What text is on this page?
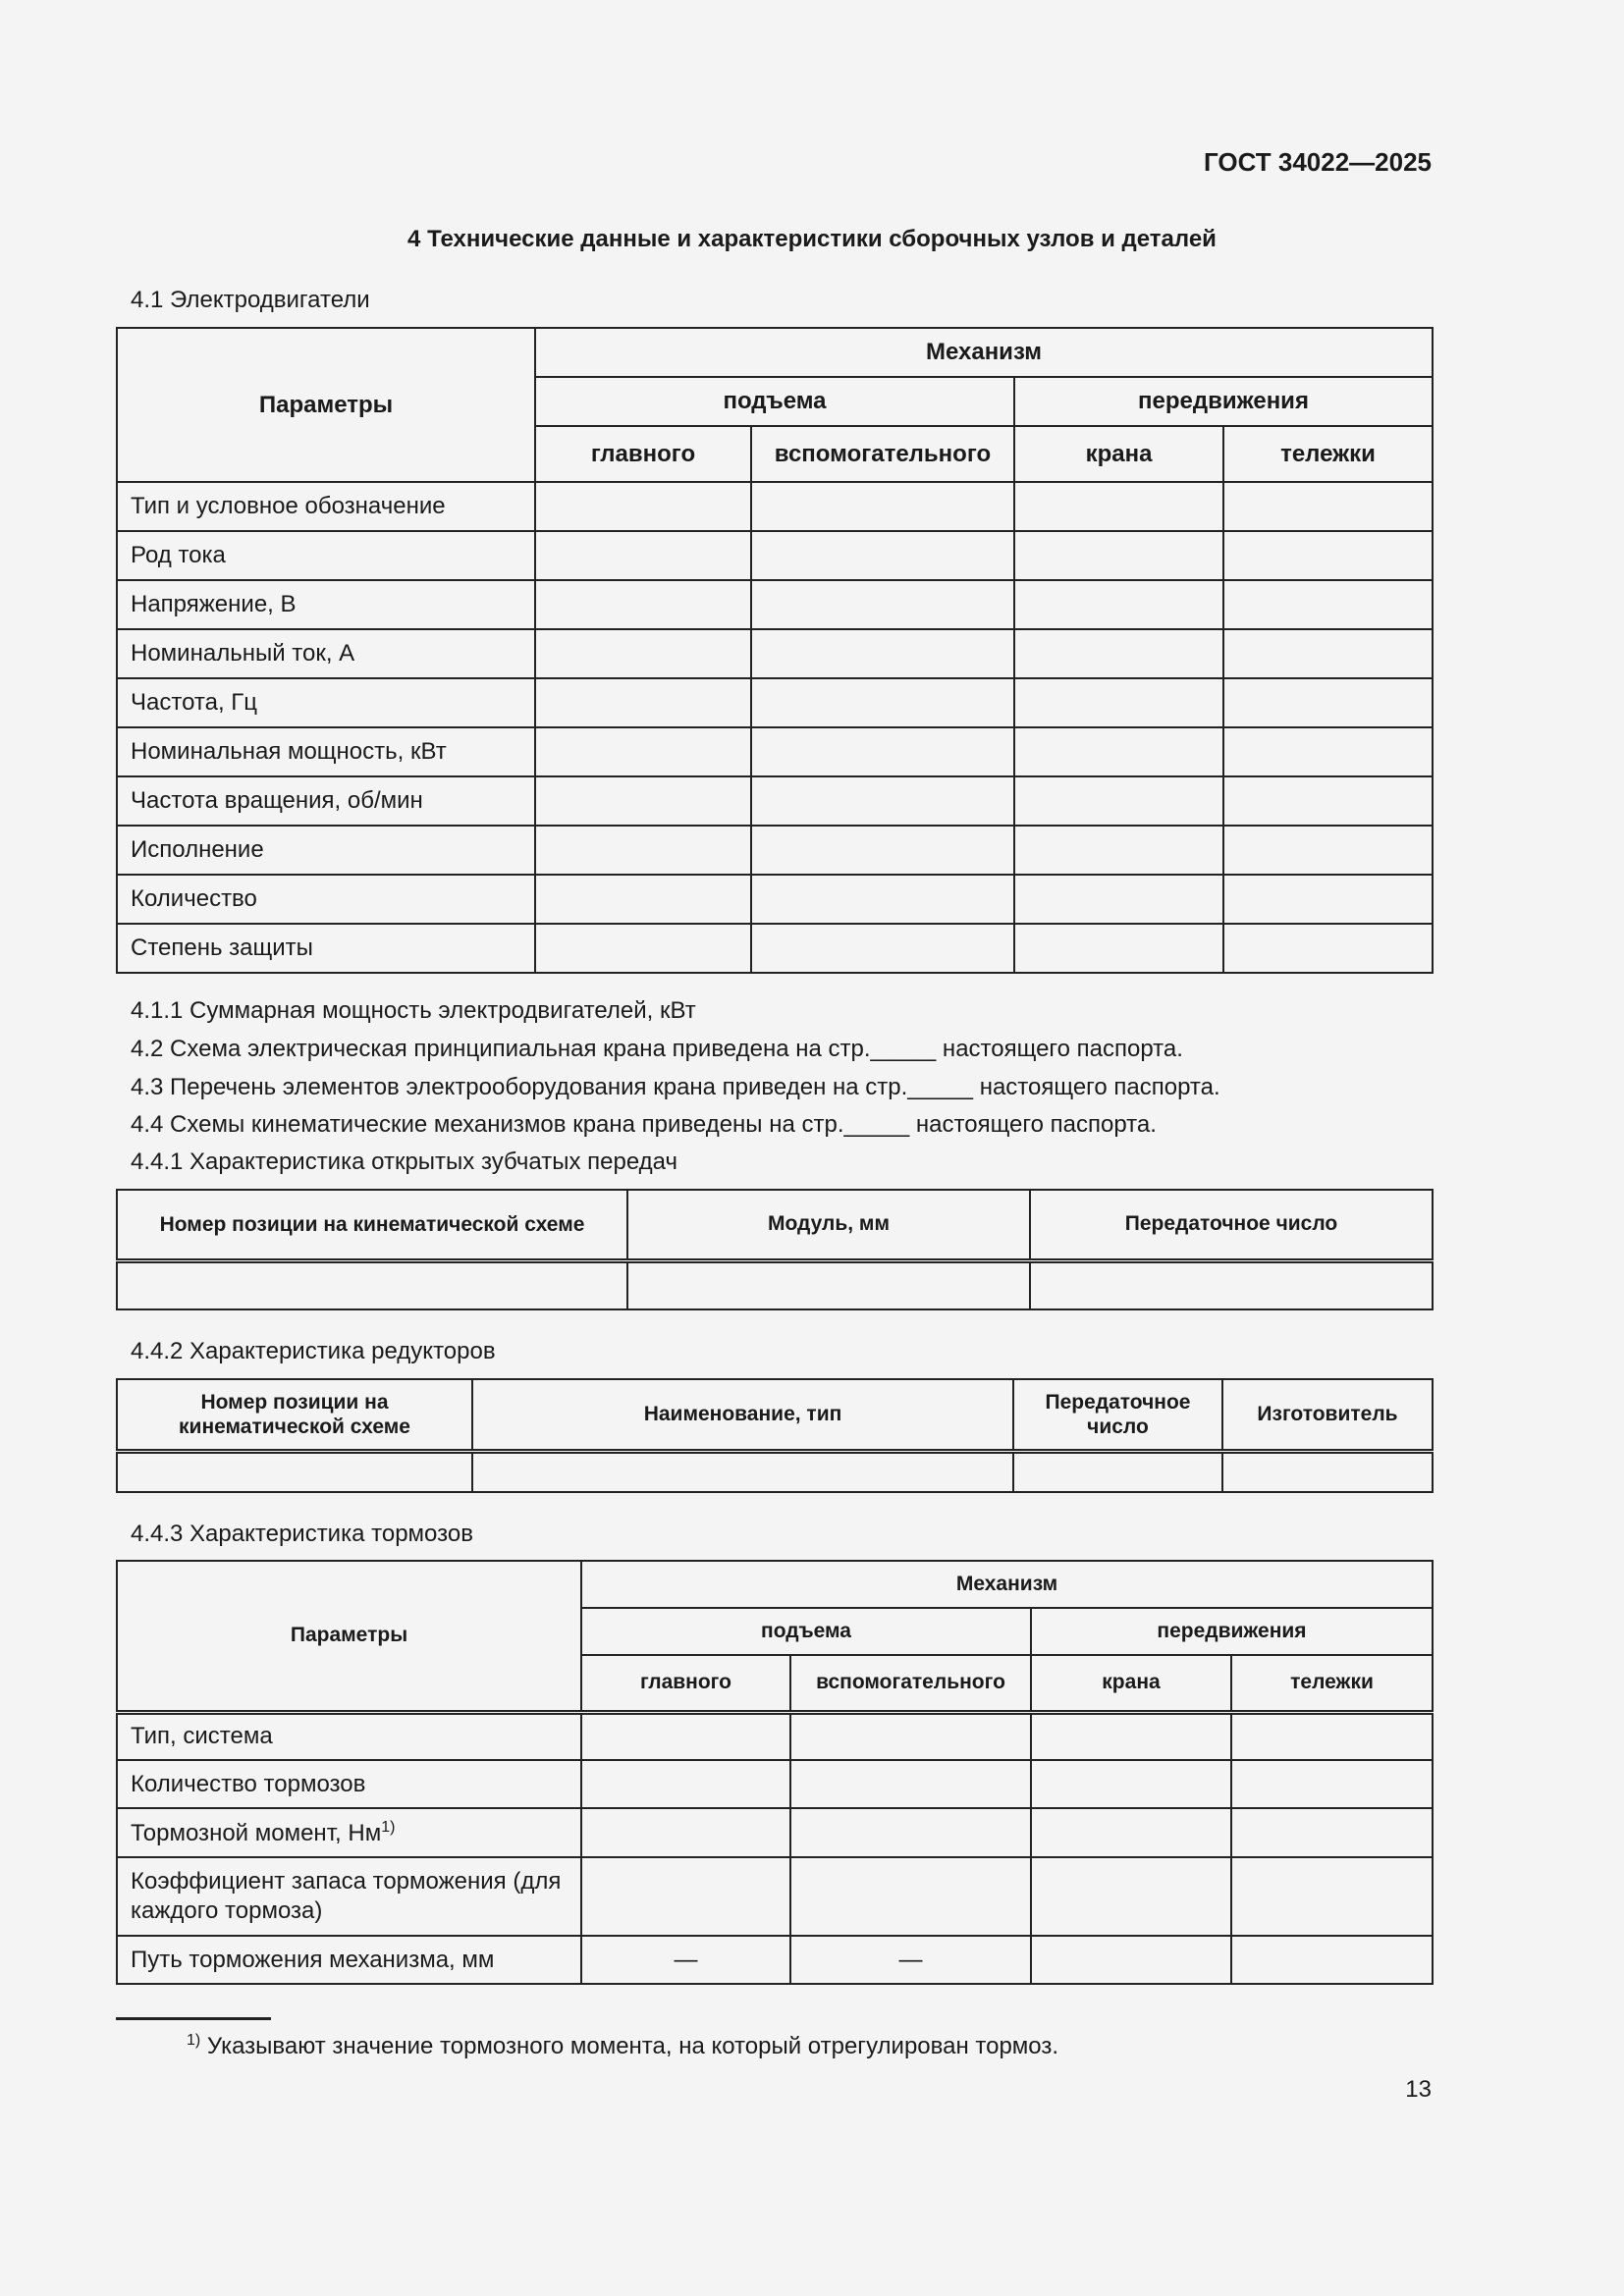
ГОСТ 34022—2025
4 Технические данные и характеристики сборочных узлов и деталей
4.1 Электродвигатели
Параметры	Механизм			
	подъема		передвижения	
	главного	вспомогательного	крана	тележки
Тип и условное обозначение				
Род тока				
Напряжение, В				
Номинальный ток, А				
Частота, Гц				
Номинальная мощность, кВт				
Частота вращения, об/мин				
Исполнение				
Количество				
Степень защиты				
4.1.1 Суммарная мощность электродвигателей, кВт
4.2 Схема электрическая принципиальная крана приведена на стр._____ настоящего паспорта.
4.3 Перечень элементов электрооборудования крана приведен на стр._____ настоящего паспорта.
4.4 Схемы кинематические механизмов крана приведены на стр._____ настоящего паспорта.
4.4.1 Характеристика открытых зубчатых передач
Номер позиции на кинематической схеме	Модуль, мм	Передаточное число

4.4.2 Характеристика редукторов
Номер позиции на кинематической схеме	Наименование, тип	Передаточное число	Изготовитель

4.4.3 Характеристика тормозов
Параметры	Механизм			
	подъема		передвижения	
	главного	вспомогательного	крана	тележки
Тип, система				
Количество тормозов				
Тормозной момент, $Нм^{1)}$				
Коэффициент запаса торможения (для каждого тормоза)				
Путь торможения механизма, мм	—	—		
$^{1)}$ Указывают значение тормозного момента, на который отрегулирован тормоз.
13
